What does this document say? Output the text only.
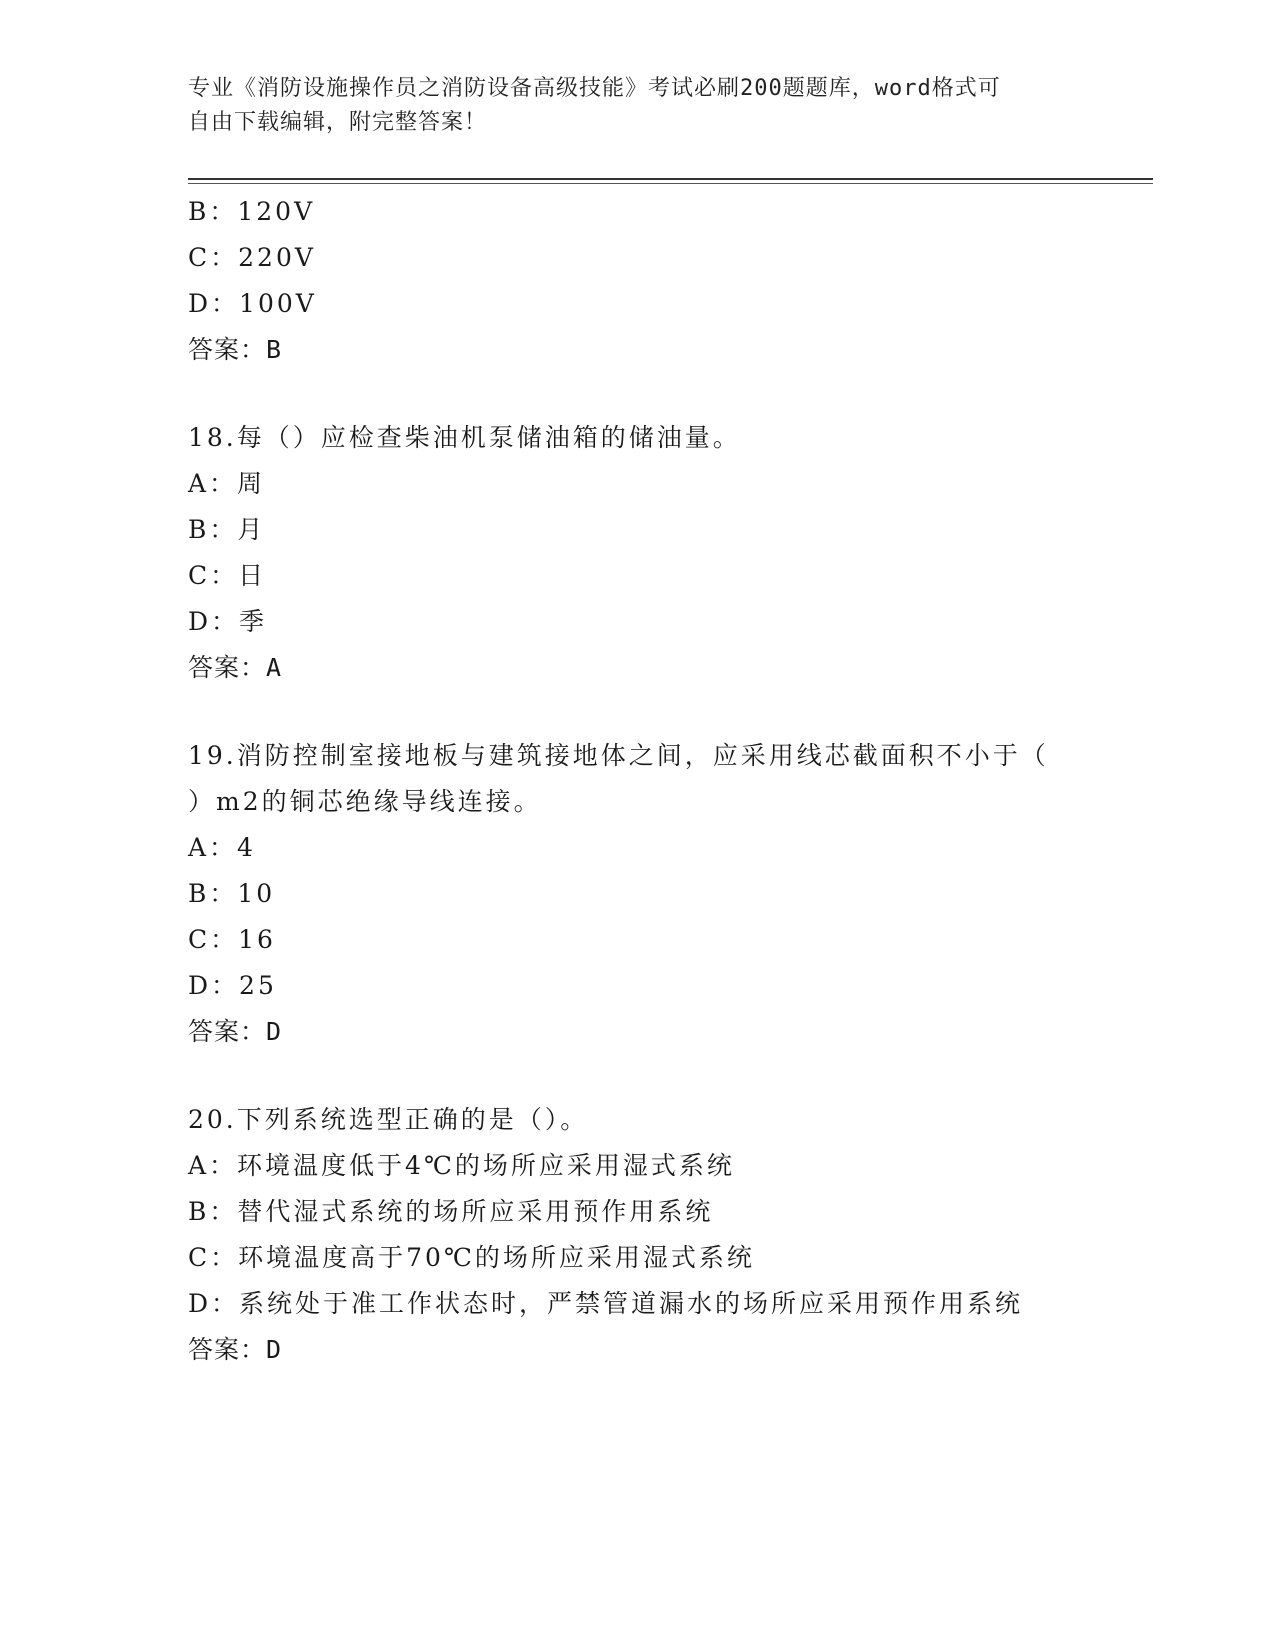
专业《消防设施操作员之消防设备高级技能》考试必刷200题题库，word格式可
自由下载编辑，附完整答案！
B：120V
C：220V
D：100V
答案：B
18.每（）应检查柴油机泵储油箱的储油量。
A：周
B：月
C：日
D：季
答案：A
19.消防控制室接地板与建筑接地体之间，应采用线芯截面积不小于（
）m2的铜芯绝缘导线连接。
A：4
B：10
C：16
D：25
答案：D
20.下列系统选型正确的是（）。
A：环境温度低于4℃的场所应采用湿式系统
B：替代湿式系统的场所应采用预作用系统
C：环境温度高于70℃的场所应采用湿式系统
D：系统处于准工作状态时，严禁管道漏水的场所应采用预作用系统
答案：D
